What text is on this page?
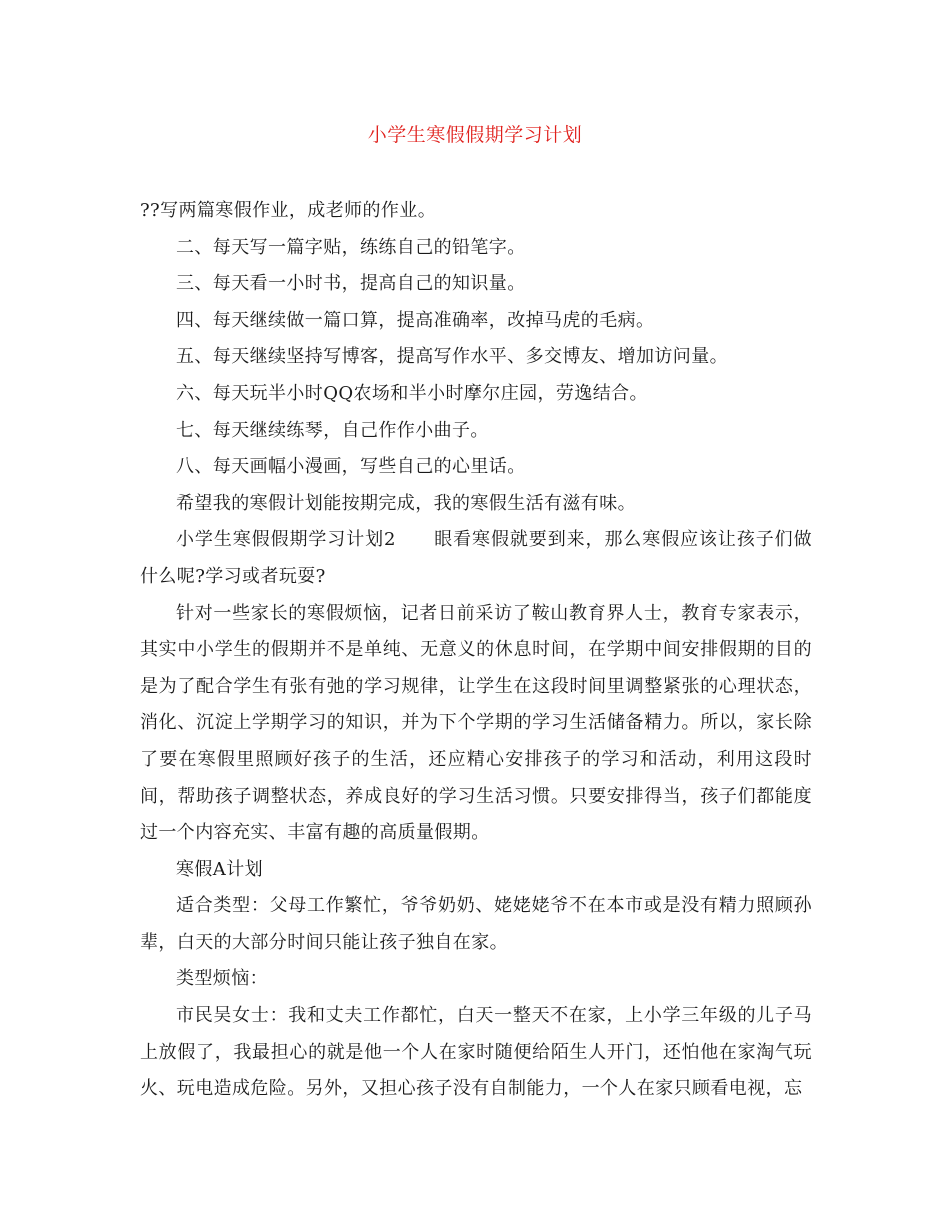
小学生寒假假期学习计划

??写两篇寒假作业，成老师的作业。

二、每天写一篇字贴，练练自己的铅笔字。

三、每天看一小时书，提高自己的知识量。

四、每天继续做一篇口算，提高准确率，改掉马虎的毛病。

五、每天继续坚持写博客，提高写作水平、多交博友、增加访问量。

六、每天玩半小时QQ农场和半小时摩尔庄园，劳逸结合。

七、每天继续练琴，自己作作小曲子。

八、每天画幅小漫画，写些自己的心里话。

希望我的寒假计划能按期完成，我的寒假生活有滋有味。

小学生寒假假期学习计划2　　眼看寒假就要到来，那么寒假应该让孩子们做什么呢?学习或者玩耍?

针对一些家长的寒假烦恼，记者日前采访了鞍山教育界人士，教育专家表示，其实中小学生的假期并不是单纯、无意义的休息时间，在学期中间安排假期的目的是为了配合学生有张有弛的学习规律，让学生在这段时间里调整紧张的心理状态，消化、沉淀上学期学习的知识，并为下个学期的学习生活储备精力。所以，家长除了要在寒假里照顾好孩子的生活，还应精心安排孩子的学习和活动，利用这段时间，帮助孩子调整状态，养成良好的学习生活习惯。只要安排得当，孩子们都能度过一个内容充实、丰富有趣的高质量假期。

寒假A计划

适合类型：父母工作繁忙，爷爷奶奶、姥姥姥爷不在本市或是没有精力照顾孙辈，白天的大部分时间只能让孩子独自在家。

类型烦恼：

市民吴女士：我和丈夫工作都忙，白天一整天不在家，上小学三年级的儿子马上放假了，我最担心的就是他一个人在家时随便给陌生人开门，还怕他在家淘气玩火、玩电造成危险。另外，又担心孩子没有自制能力，一个人在家只顾看电视，忘
